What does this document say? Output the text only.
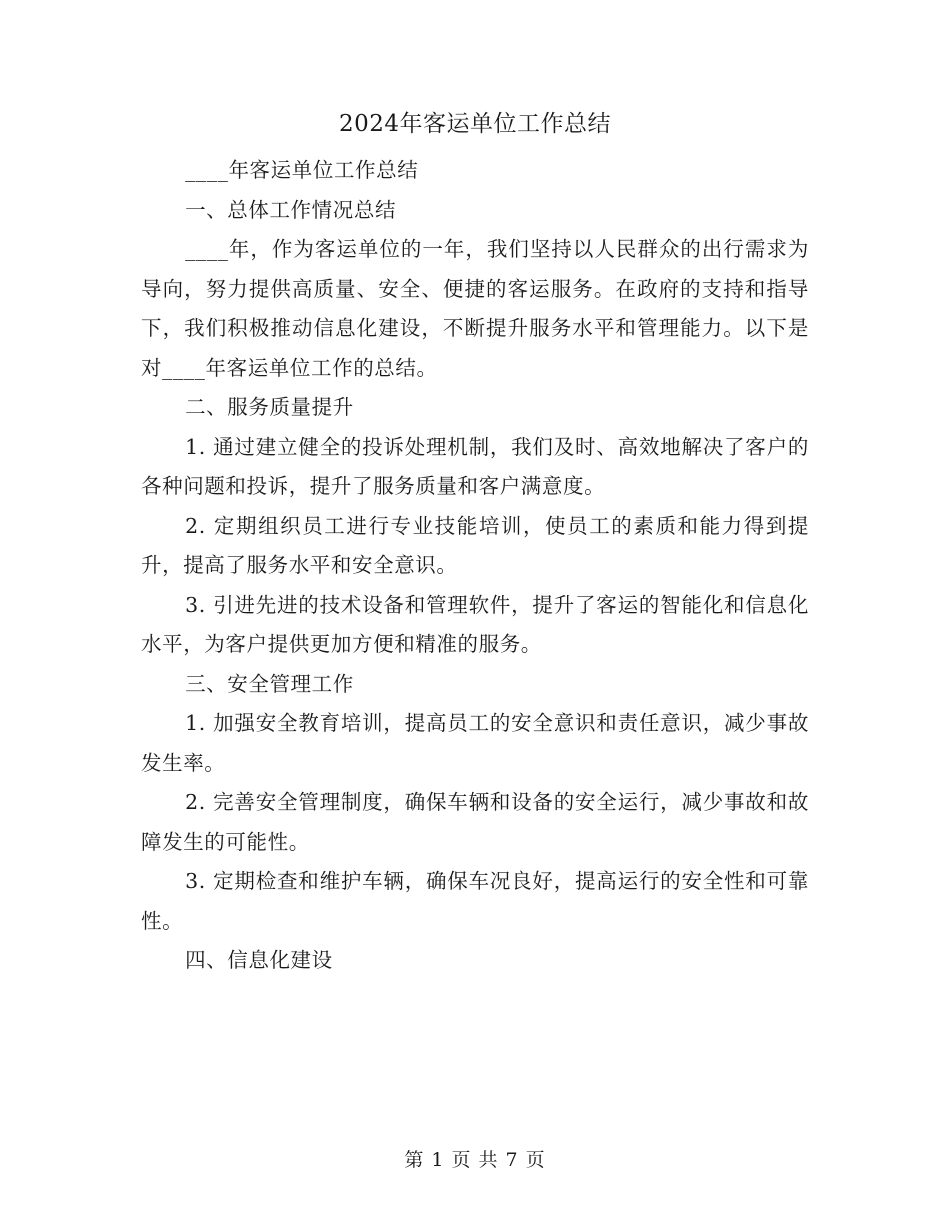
2024年客运单位工作总结

____年客运单位工作总结

一、总体工作情况总结

____年，作为客运单位的一年，我们坚持以人民群众的出行需求为导向，努力提供高质量、安全、便捷的客运服务。在政府的支持和指导下，我们积极推动信息化建设，不断提升服务水平和管理能力。以下是对____年客运单位工作的总结。

二、服务质量提升

1. 通过建立健全的投诉处理机制，我们及时、高效地解决了客户的各种问题和投诉，提升了服务质量和客户满意度。

2. 定期组织员工进行专业技能培训，使员工的素质和能力得到提升，提高了服务水平和安全意识。

3. 引进先进的技术设备和管理软件，提升了客运的智能化和信息化水平，为客户提供更加方便和精准的服务。

三、安全管理工作

1. 加强安全教育培训，提高员工的安全意识和责任意识，减少事故发生率。

2. 完善安全管理制度，确保车辆和设备的安全运行，减少事故和故障发生的可能性。

3. 定期检查和维护车辆，确保车况良好，提高运行的安全性和可靠性。

四、信息化建设

第 1 页 共 7 页
